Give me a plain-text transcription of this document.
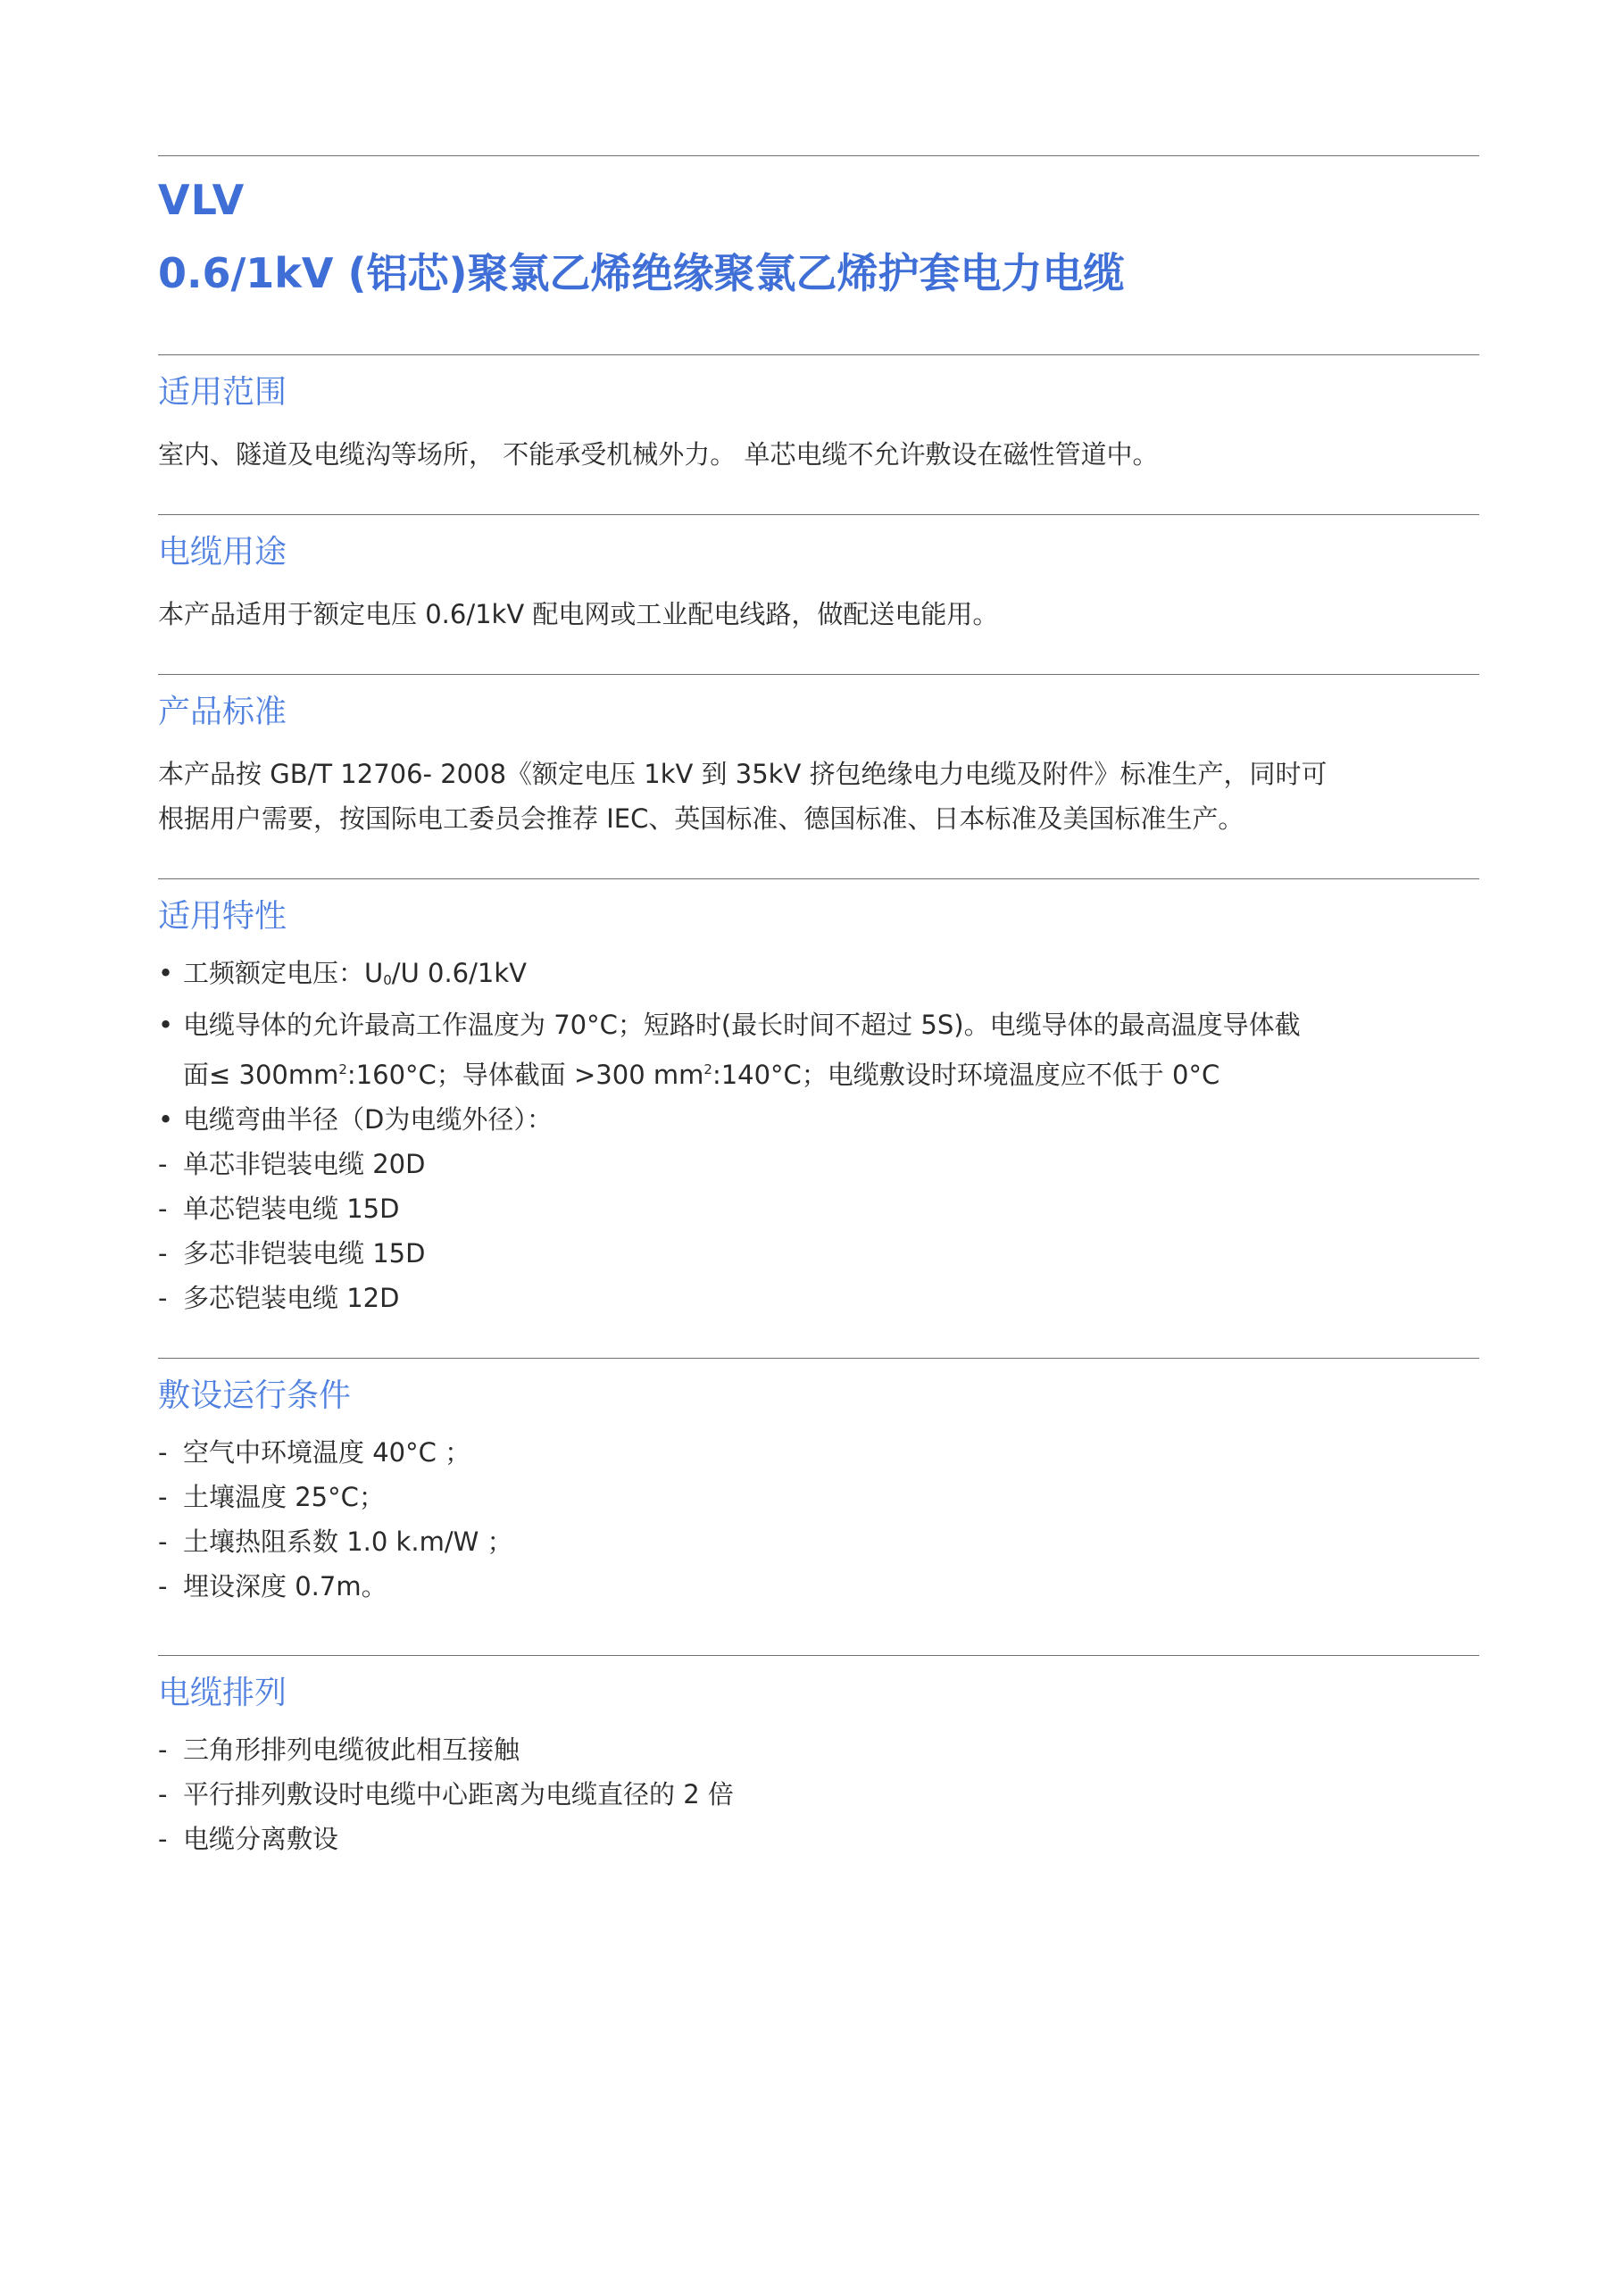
VLV
0.6/1kV (铝芯)聚氯乙烯绝缘聚氯乙烯护套电力电缆
适用范围
室内、隧道及电缆沟等场所， 不能承受机械外力。 单芯电缆不允许敷设在磁性管道中。
电缆用途
本产品适用于额定电压 0.6/1kV 配电网或工业配电线路，做配送电能用。
产品标准
本产品按 GB/T 12706- 2008《额定电压 1kV 到 35kV 挤包绝缘电力电缆及附件》标准生产，同时可
根据用户需要，按国际电工委员会推荐 IEC、英国标准、德国标准、日本标准及美国标准生产。
适用特性
• 工频额定电压：$U_0/U$ 0.6/1kV
• 电缆导体的允许最高工作温度为 70°C；短路时(最长时间不超过 5S)。电缆导体的最高温度导体截
面≤ $300mm^2:160^\circ C$；导体截面 >300 $mm^2:140^\circ C$；电缆敷设时环境温度应不低于 0°C
• 电缆弯曲半径（D为电缆外径）：
- 单芯非铠装电缆 20D
- 单芯铠装电缆 15D
- 多芯非铠装电缆 15D
- 多芯铠装电缆 12D
敷设运行条件
- 空气中环境温度 40°C ；
- 土壤温度 25°C；
- 土壤热阻系数 1.0 k.m/W ；
- 埋设深度 0.7m。
电缆排列
- 三角形排列电缆彼此相互接触
- 平行排列敷设时电缆中心距离为电缆直径的 2 倍
- 电缆分离敷设
